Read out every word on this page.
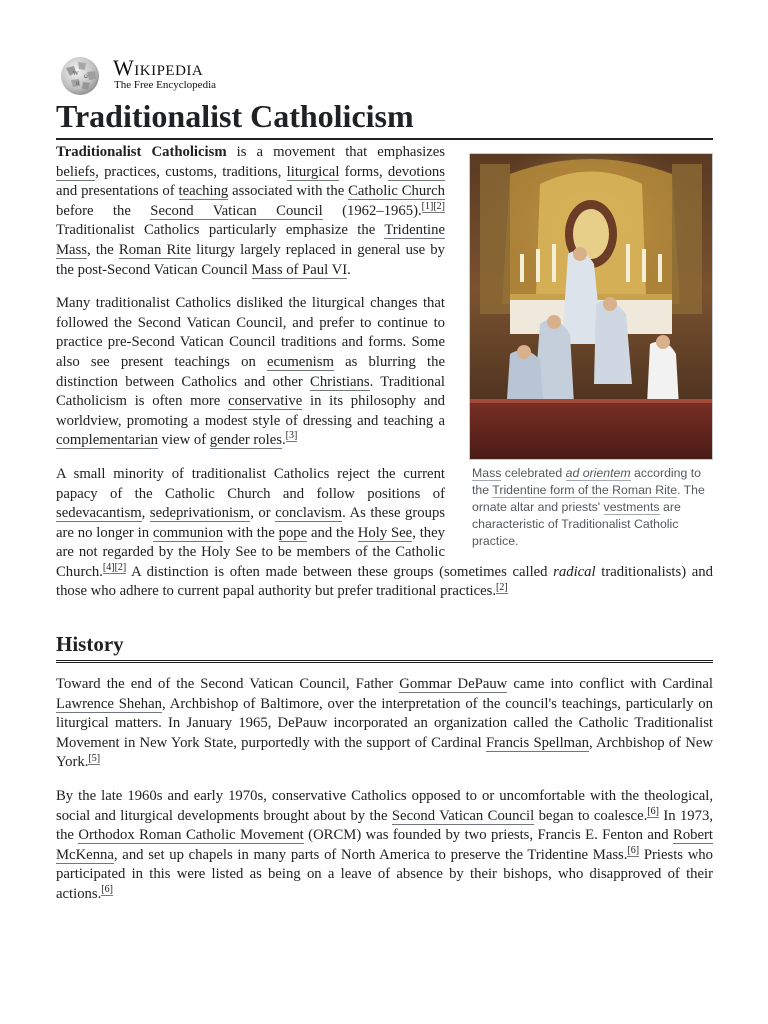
W
Ω
И
Wikipedia
The Free Encyclopedia
Traditionalist Catholicism
Mass celebrated ad orientem according to the Tridentine form of the Roman Rite. The ornate altar and priests' vestments are characteristic of Traditionalist Catholic practice.

Traditionalist Catholicism is a movement that emphasizes beliefs, practices, customs, traditions, liturgical forms, devotions and presentations of teaching associated with the Catholic Church before the Second Vatican Council (1962–1965).[1][2] Traditionalist Catholics particularly emphasize the Tridentine Mass, the Roman Rite liturgy largely replaced in general use by the post-Second Vatican Council Mass of Paul VI.

Many traditionalist Catholics disliked the liturgical changes that followed the Second Vatican Council, and prefer to continue to practice pre-Second Vatican Council traditions and forms. Some also see present teachings on ecumenism as blurring the distinction between Catholics and other Christians. Traditional Catholicism is often more conservative in its philosophy and worldview, promoting a modest style of dressing and teaching a complementarian view of gender roles.[3]

A small minority of traditionalist Catholics reject the current papacy of the Catholic Church and follow positions of sedevacantism, sedeprivationism, or conclavism. As these groups are no longer in communion with the pope and the Holy See, they are not regarded by the Holy See to be members of the Catholic Church.[4][2] A distinction is often made between these groups (sometimes called radical traditionalists) and those who adhere to current papal authority but prefer traditional practices.[2]

History

Toward the end of the Second Vatican Council, Father Gommar DePauw came into conflict with Cardinal Lawrence Shehan, Archbishop of Baltimore, over the interpretation of the council's teachings, particularly on liturgical matters. In January 1965, DePauw incorporated an organization called the Catholic Traditionalist Movement in New York State, purportedly with the support of Cardinal Francis Spellman, Archbishop of New York.[5]

By the late 1960s and early 1970s, conservative Catholics opposed to or uncomfortable with the theological, social and liturgical developments brought about by the Second Vatican Council began to coalesce.[6] In 1973, the Orthodox Roman Catholic Movement (ORCM) was founded by two priests, Francis E. Fenton and Robert McKenna, and set up chapels in many parts of North America to preserve the Tridentine Mass.[6] Priests who participated in this were listed as being on a leave of absence by their bishops, who disapproved of their actions.[6]
